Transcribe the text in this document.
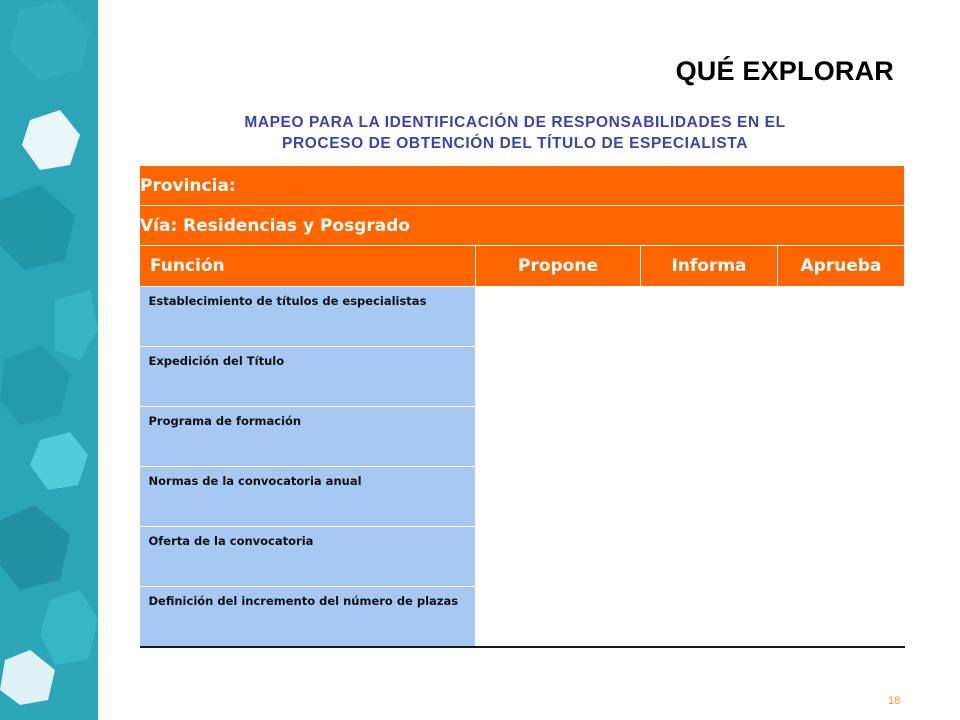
QUÉ EXPLORAR
MAPEO PARA LA IDENTIFICACIÓN DE RESPONSABILIDADES EN EL
PROCESO DE OBTENCIÓN DEL TÍTULO DE ESPECIALISTA
Provincia:			
Vía: Residencias y Posgrado			
Función	Propone	Informa	Aprueba
Establecimiento de títulos de especialistas			
Expedición del Título			
Programa de formación			
Normas de la convocatoria anual			
Oferta de la convocatoria			
Definición del incremento del número de plazas			
18
